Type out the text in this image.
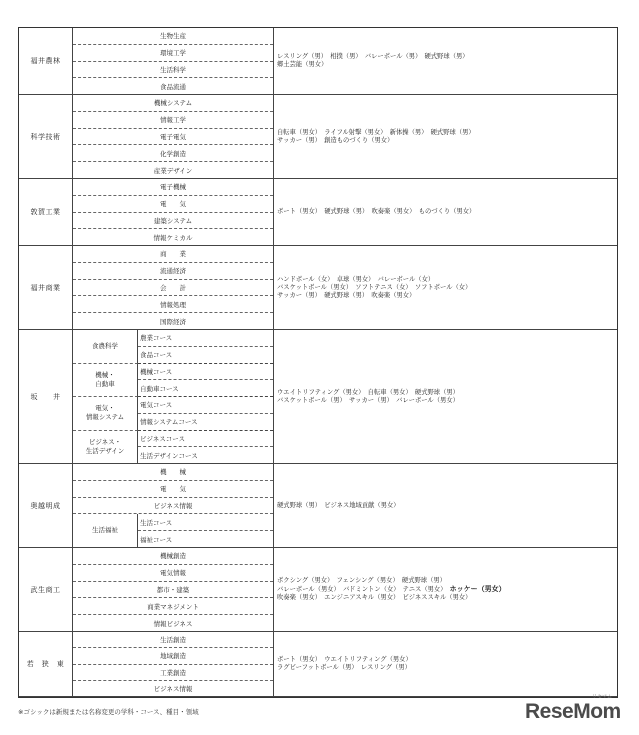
福井農林
生物生産
環境工学
生活科学
食品流通
レスリング（男）　相撲（男）　バレーボール（男）　硬式野球（男）
郷土芸能（男女）
科学技術
機械システム
情報工学
電子電気
化学創造
産業デザイン
自転車（男女）　ライフル射撃（男女）　新体操（男）　硬式野球（男）
サッカー（男）　創造ものづくり（男女）
敦賀工業
電子機械
電　　気
建築システム
情報ケミカル
ボート（男女）　硬式野球（男）　吹奏楽（男女）　ものづくり（男女）
福井商業
商　　業
流通経済
会　　計
情報処理
国際経済
ハンドボール（女）　卓球（男女）　バレーボール（女）
バスケットボール（男女）　ソフトテニス（女）　ソフトボール（女）
サッカー（男）　硬式野球（男）　吹奏楽（男女）
坂　　井
食農科学
農業コース
食品コース
機械・
自動車
機械コース
自動車コース
電気・
情報システム
電気コース
情報システムコース
ビジネス・
生活デザイン
ビジネスコース
生活デザインコース
ウエイトリフティング（男女）　自転車（男女）　硬式野球（男）
バスケットボール（男）　サッカー（男）　バレーボール（男女）
奥越明成
機　　械
電　　気
ビジネス情報
生活福祉
生活コース
福祉コース
硬式野球（男）　ビジネス地域貢献（男女）
武生商工
機械創造
電気情報
都市・建築
商業マネジメント
情報ビジネス
ボクシング（男女）　フェンシング（男女）　硬式野球（男）
バレーボール（男女）　バドミントン（女）　テニス（男女）　ホッケー（男女）
吹奏楽（男女）　エンジニアスキル（男女）　ビジネススキル（男女）
若　狭　東
生活創造
地域創造
工業創造
ビジネス情報
ボート（男女）　ウエイトリフティング（男女）
ラグビーフットボール（男）　レスリング（男）
※ゴシックは新規または名称変更の学科・コース、種目・領域	ReseMom
リセマム
